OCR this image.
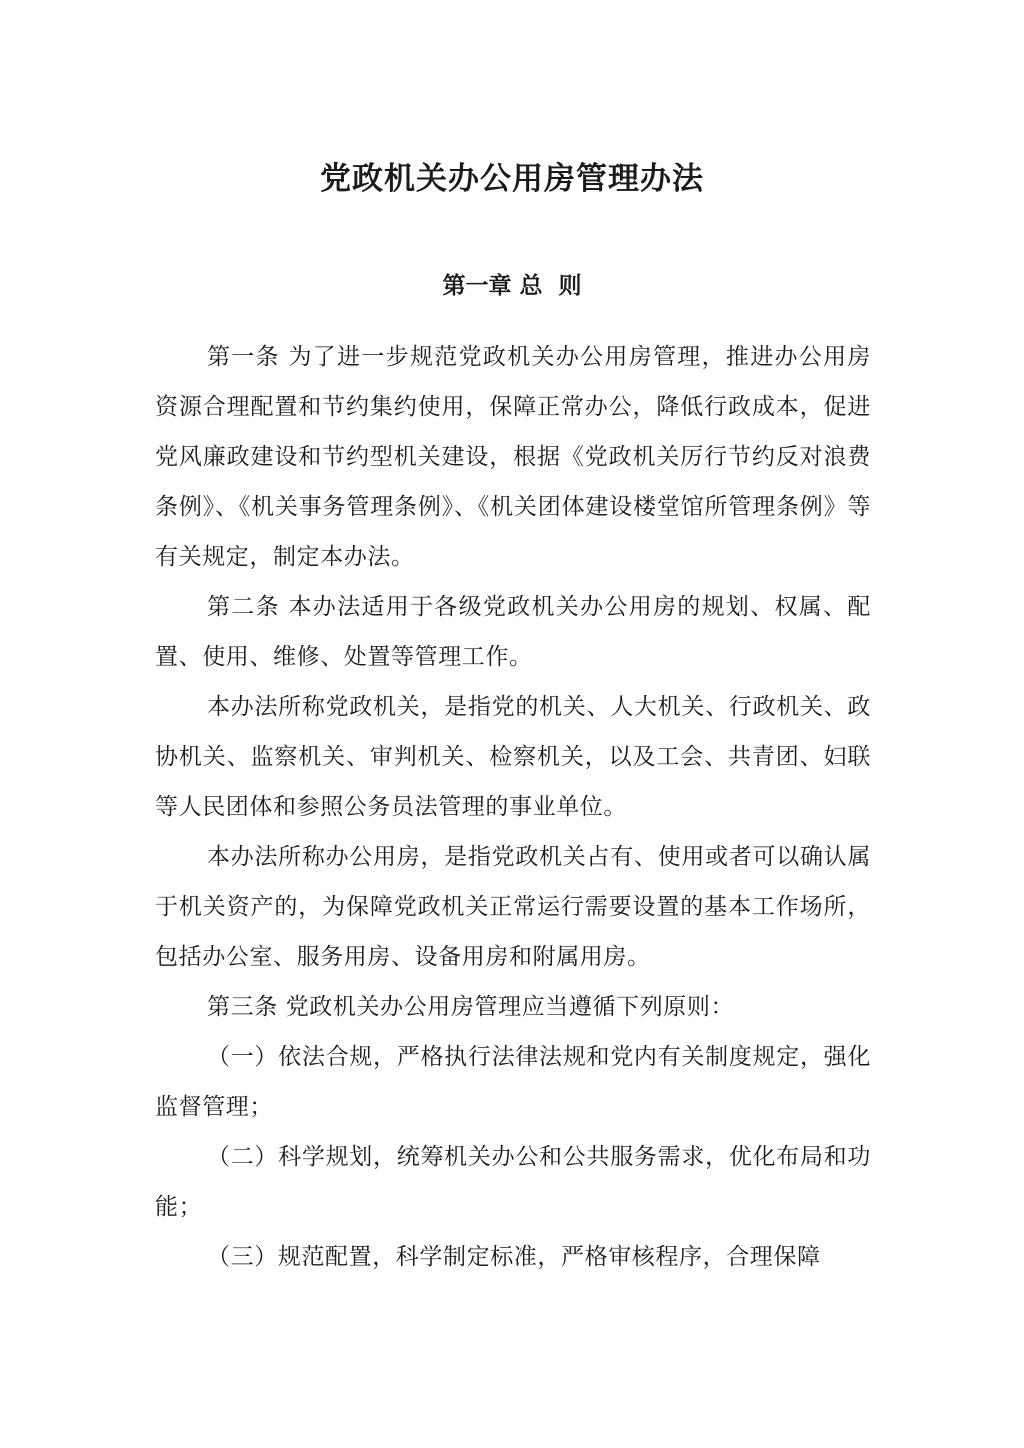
党政机关办公用房管理办法
第一章 总  则

第一条 为了进一步规范党政机关办公用房管理，推进办公用房资源合理配置和节约集约使用，保障正常办公，降低行政成本，促进党风廉政建设和节约型机关建设，根据《党政机关厉行节约反对浪费条例》、《机关事务管理条例》、《机关团体建设楼堂馆所管理条例》等有关规定，制定本办法。

第二条 本办法适用于各级党政机关办公用房的规划、权属、配置、使用、维修、处置等管理工作。

本办法所称党政机关，是指党的机关、人大机关、行政机关、政协机关、监察机关、审判机关、检察机关，以及工会、共青团、妇联等人民团体和参照公务员法管理的事业单位。

本办法所称办公用房，是指党政机关占有、使用或者可以确认属于机关资产的，为保障党政机关正常运行需要设置的基本工作场所，包括办公室、服务用房、设备用房和附属用房。

第三条 党政机关办公用房管理应当遵循下列原则：

（一）依法合规，严格执行法律法规和党内有关制度规定，强化监督管理；

（二）科学规划，统筹机关办公和公共服务需求，优化布局和功能；

（三）规范配置，科学制定标准，严格审核程序，合理保障
